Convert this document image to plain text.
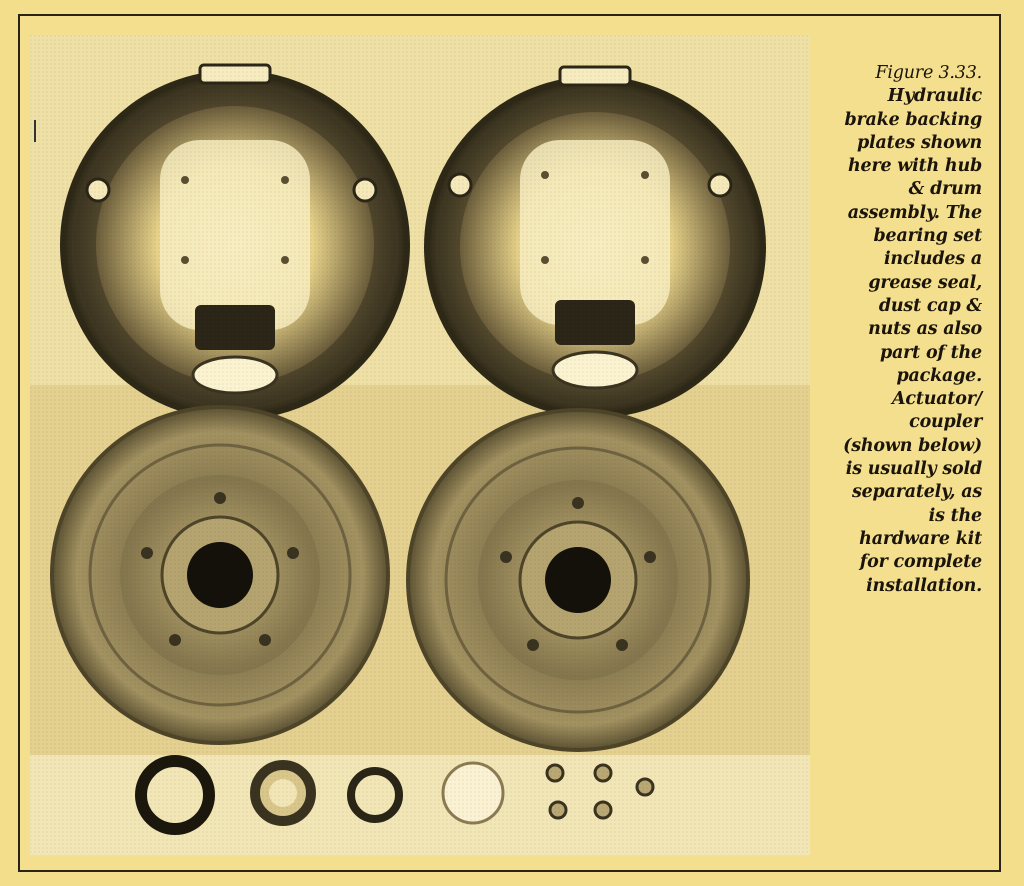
Figure 3.33.
Hydraulic
brake backing
plates shown
here with hub
& drum
assembly. The
bearing set
includes a
grease seal,
dust cap &
nuts as also
part of the
package.
Actuator/
coupler
(shown below)
is usually sold
separately, as
is the
hardware kit
for complete
installation.
